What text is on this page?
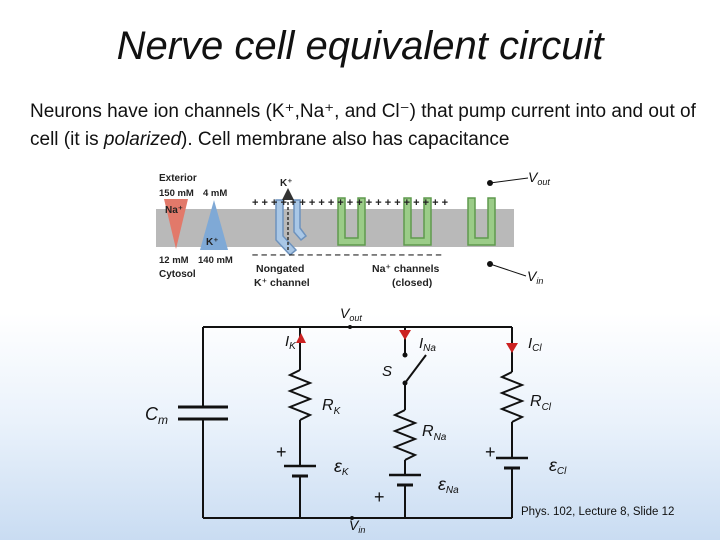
Nerve cell equivalent circuit
Neurons have ion channels (K⁺,Na⁺, and Cl⁻) that pump current into and out of cell (it is polarized). Cell membrane also has capacitance
+ + + + + + + + + + + + + + + + + + + + +
– – – – – – – – – – – – – – – – – – – – –
Exterior
150 mM 4 mM
Na⁺
K⁺
12 mM 140 mM
Cytosol
K⁺
Nongated
K⁺ channel
Na⁺ channels
(closed)
$V_{out}$
$V_{in}$
$V_{out}$
$V_{in}$
$I_K$	$I_{Na}$	$I_{Cl}$
S
$R_K$
$R_{Na}$
$R_{Cl}$
$C_m$
εK
εNa
εCl
+
+
+
Phys. 102, Lecture 8, Slide 12
